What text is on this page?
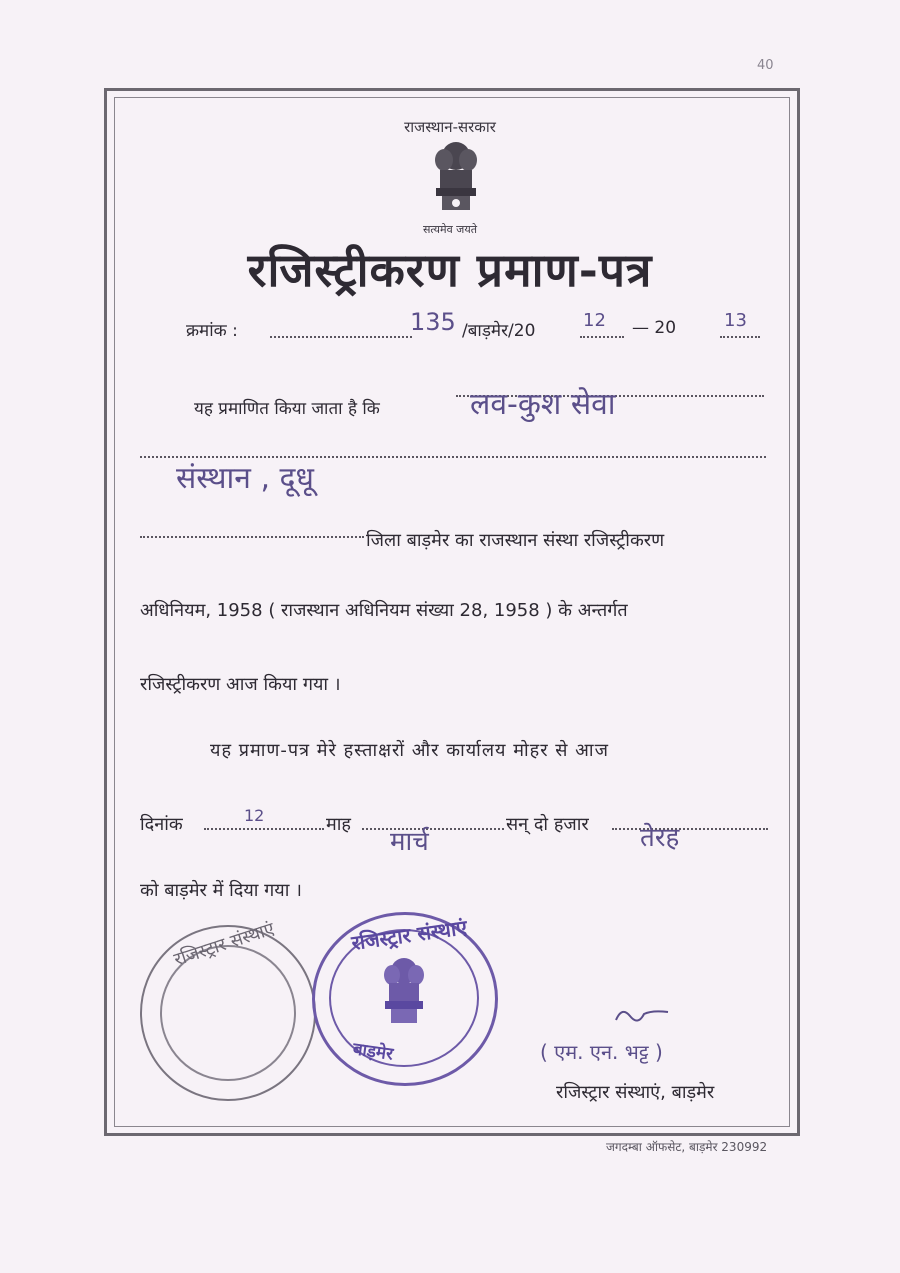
40
राजस्थान-सरकार
सत्यमेव जयते
रजिस्ट्रीकरण प्रमाण-पत्र
क्रमांक :	135 /बाड़मेर/20	12 — 20	13
यह प्रमाणित किया जाता है कि	लव-कुश सेवा
संस्थान , दूधू
जिला बाड़मेर का राजस्थान संस्था रजिस्ट्रीकरण
अधिनियम, 1958 ( राजस्थान अधिनियम संख्या 28, 1958 ) के अन्तर्गत
रजिस्ट्रीकरण आज किया गया ।
यह प्रमाण-पत्र मेरे हस्ताक्षरों और कार्यालय मोहर से आज
दिनांक	12	माह
मार्च
सन् दो हजार तेरह
को बाड़मेर में दिया गया ।
रजिस्ट्रार संस्थाएं	रजिस्ट्रार संस्थाएं
बाड़मेर	( एम. एन. भट्ट )
रजिस्ट्रार संस्थाएं, बाड़मेर
जगदम्बा ऑफसेट, बाड़मेर 230992
